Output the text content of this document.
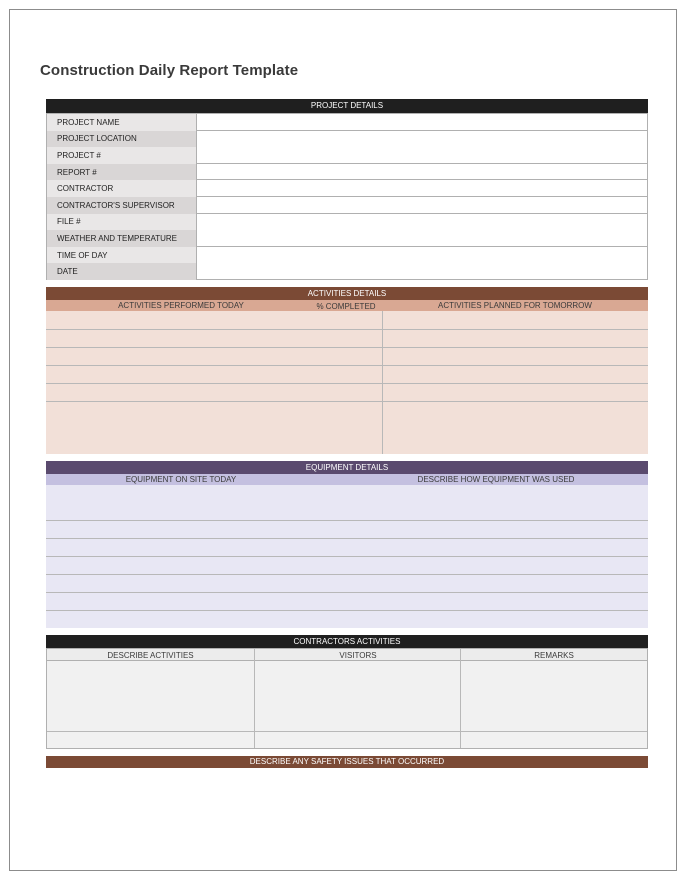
Construction Daily Report Template
PROJECT DETAILS
PROJECT NAME
PROJECT LOCATION
PROJECT #
REPORT #
CONTRACTOR
CONTRACTOR'S SUPERVISOR
FILE #
WEATHER AND TEMPERATURE
TIME OF DAY
DATE
ACTIVITIES DETAILS
ACTIVITIES PERFORMED TODAY	% COMPLETED	ACTIVITIES PLANNED FOR TOMORROW
EQUIPMENT DETAILS
EQUIPMENT ON SITE TODAY	DESCRIBE HOW EQUIPMENT WAS USED
CONTRACTORS ACTIVITIES
DESCRIBE ACTIVITIES	VISITORS	REMARKS
DESCRIBE ANY SAFETY ISSUES THAT OCCURRED
